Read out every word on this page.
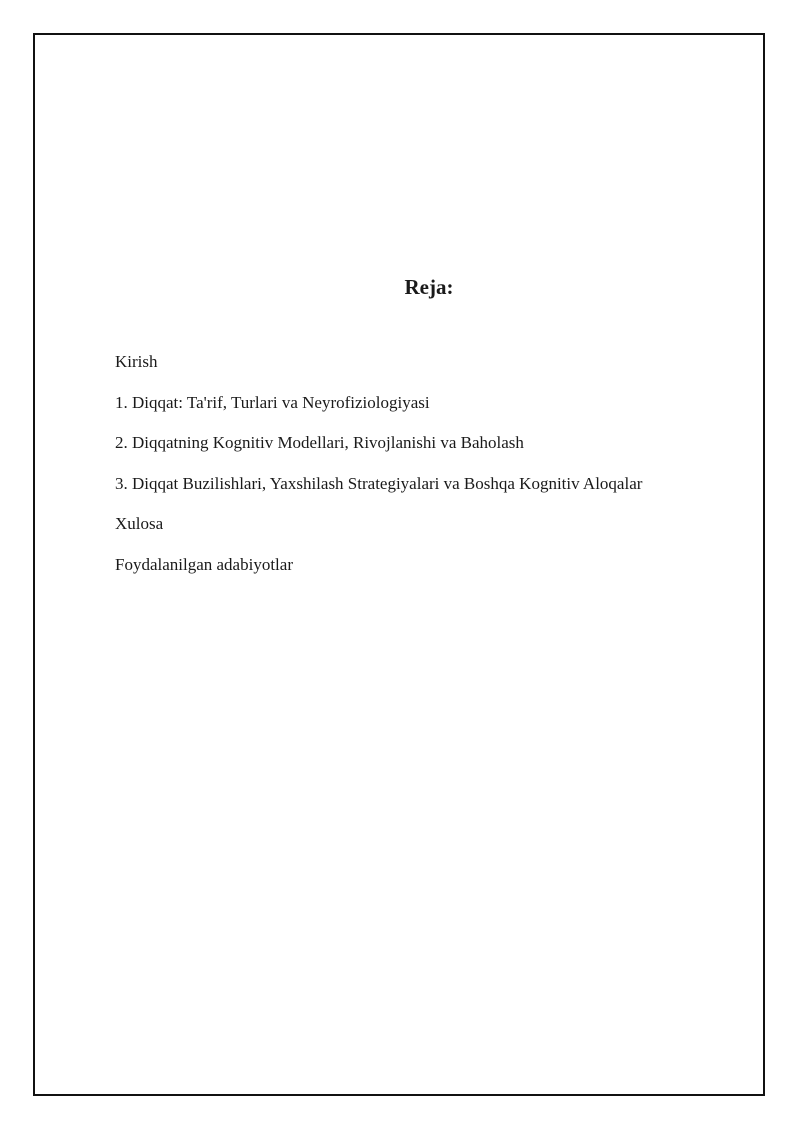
Reja:
Kirish
1. Diqqat: Ta'rif, Turlari va Neyrofiziologiyasi
2. Diqqatning Kognitiv Modellari, Rivojlanishi va Baholash
3. Diqqat Buzilishlari, Yaxshilash Strategiyalari va Boshqa Kognitiv Aloqalar
Xulosa
Foydalanilgan adabiyotlar
